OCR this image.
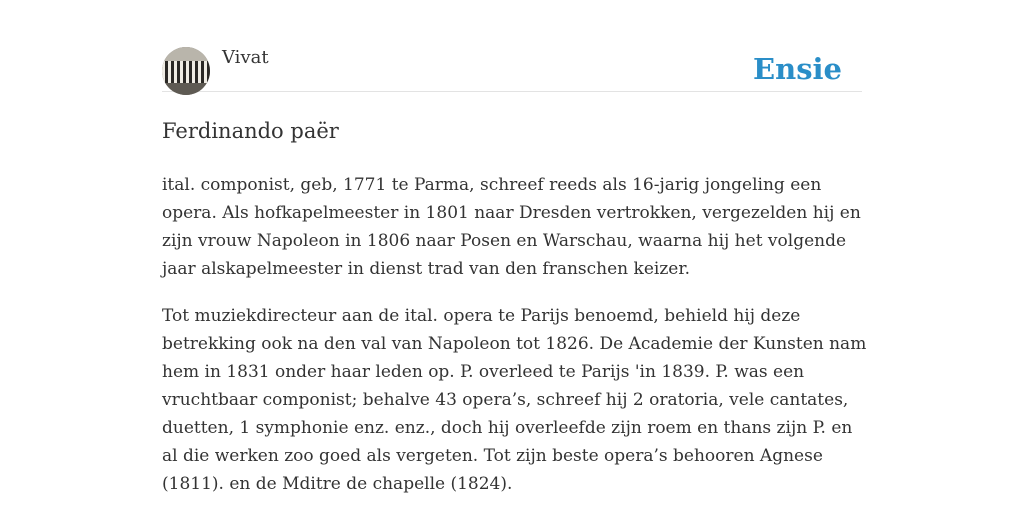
Vivat	Ensie
Ferdinando paër

ital. componist, geb, 1771 te Parma, schreef reeds als 16-jarig jongeling een
opera. Als hofkapelmeester in 1801 naar Dresden vertrokken, vergezelden hij en
zijn vrouw Napoleon in 1806 naar Posen en Warschau, waarna hij het volgende
jaar alskapelmeester in dienst trad van den franschen keizer.

Tot muziekdirecteur aan de ital. opera te Parijs benoemd, behield hij deze
betrekking ook na den val van Napoleon tot 1826. De Academie der Kunsten nam
hem in 1831 onder haar leden op. P. overleed te Parijs 'in 1839. P. was een
vruchtbaar componist; behalve 43 opera’s, schreef hij 2 oratoria, vele cantates,
duetten, 1 symphonie enz. enz., doch hij overleefde zijn roem en thans zijn P. en
al die werken zoo goed als vergeten. Tot zijn beste opera’s behooren Agnese
(1811). en de Mditre de chapelle (1824).
